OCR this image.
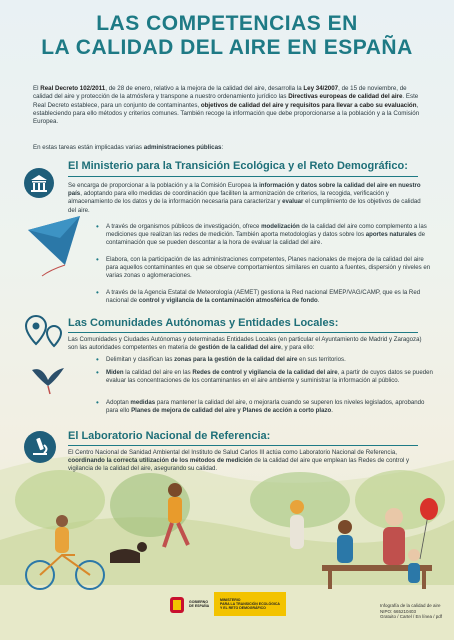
LAS COMPETENCIAS EN
LA CALIDAD DEL AIRE EN ESPAÑA

El Real Decreto 102/2011, de 28 de enero, relativo a la mejora de la calidad del aire, desarrolla la Ley 34/2007, de 15 de noviembre, de calidad del aire y protección de la atmósfera y transpone a nuestro ordenamiento jurídico las Directivas europeas de calidad del aire. Este Real Decreto establece, para un conjunto de contaminantes, objetivos de calidad del aire y requisitos para llevar a cabo su evaluación, estableciendo para ello métodos y criterios comunes. También recoge la información que debe proporcionarse a la población y a la Comisión Europea.

En estas tareas están implicadas varias administraciones públicas:

El Ministerio para la Transición Ecológica y el Reto Demográfico:

Se encarga de proporcionar a la población y a la Comisión Europea la información y datos sobre la calidad del aire en nuestro país, adoptando para ello medidas de coordinación que faciliten la armonización de criterios, la recogida, verificación y almacenamiento de los datos y de la información necesaria para caracterizar y evaluar el cumplimiento de los objetivos de calidad del aire.

• A través de organismos públicos de investigación, ofrece modelización de la calidad del aire como complemento a las mediciones que realizan las redes de medición. También aporta metodologías y datos sobre los aportes naturales de contaminación que se pueden descontar a la hora de evaluar la calidad del aire.

• Elabora, con la participación de las administraciones competentes, Planes nacionales de mejora de la calidad del aire para aquellos contaminantes en que se observe comportamientos similares en cuanto a fuentes, dispersión y niveles en varias zonas o aglomeraciones.

• A través de la Agencia Estatal de Meteorología (AEMET) gestiona la Red nacional EMEP/VAG/CAMP, que es la Red nacional de control y vigilancia de la contaminación atmosférica de fondo.

Las Comunidades Autónomas y Entidades Locales:

Las Comunidades y Ciudades Autónomas y determinadas Entidades Locales (en particular el Ayuntamiento de Madrid y Zaragoza) son las autoridades competentes en materia de gestión de la calidad del aire, y para ello:

• Delimitan y clasifican las zonas para la gestión de la calidad del aire en sus territorios.

• Miden la calidad del aire en las Redes de control y vigilancia de la calidad del aire, a partir de cuyos datos se pueden evaluar las concentraciones de los contaminantes en el aire ambiente y suministrar la información al público.

• Adoptan medidas para mantener la calidad del aire, o mejorarla cuando se superen los niveles legislados, aprobando para ello Planes de mejora de calidad del aire y Planes de acción a corto plazo.

El Laboratorio Nacional de Referencia:

El Centro Nacional de Sanidad Ambiental del Instituto de Salud Carlos III actúa como Laboratorio Nacional de Referencia, coordinando la correcta utilización de los métodos de medición de la calidad del aire que emplean las Redes de control y vigilancia de la calidad del aire, asegurando su calidad.

GOBIERNO
DE ESPAÑA
MINISTERIO
PARA LA TRANSICIÓN ECOLÓGICA
Y EL RETO DEMOGRÁFICO
Infografía de la calidad de aire
NIPO: 665210403
Gratuito / Cartel / En línea / pdf
